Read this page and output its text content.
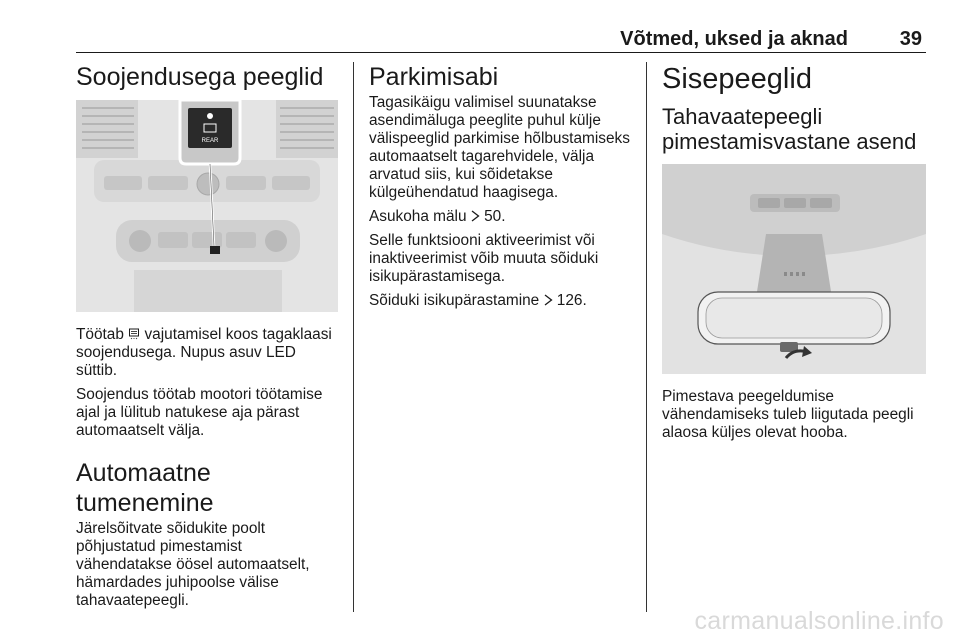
Võtmed, uksed ja aknad	39
Soojendusega peeglid
REAR

Töötab  vajutamisel koos tagaklaasi soojendusega. Nupus asuv LED süttib.

Soojendus töötab mootori töötamise ajal ja lülitub natukese aja pärast automaatselt välja.

Automaatne tumenemine

Järelsõitvate sõidukite poolt põhjustatud pimestamist vähendatakse öösel automaatselt, hämardades juhipoolse välise tahavaatepeegli.

Parkimisabi

Tagasikäigu valimisel suunatakse asendimäluga peeglite puhul külje välispeeglid parkimise hõlbustamiseks automaatselt tagarehvidele, välja arvatud siis, kui sõidetakse külgeühendatud haagisega.

Asukoha mälu  50.

Selle funktsiooni aktiveerimist või inaktiveerimist võib muuta sõiduki isikupärastamisega.

Sõiduki isikupärastamine  126.

Sisepeeglid
Tahavaatepeegli pimestamisvastane asend

Pimestava peegeldumise vähendamiseks tuleb liigutada peegli alaosa küljes olevat hooba.

carmanualsonline.info
